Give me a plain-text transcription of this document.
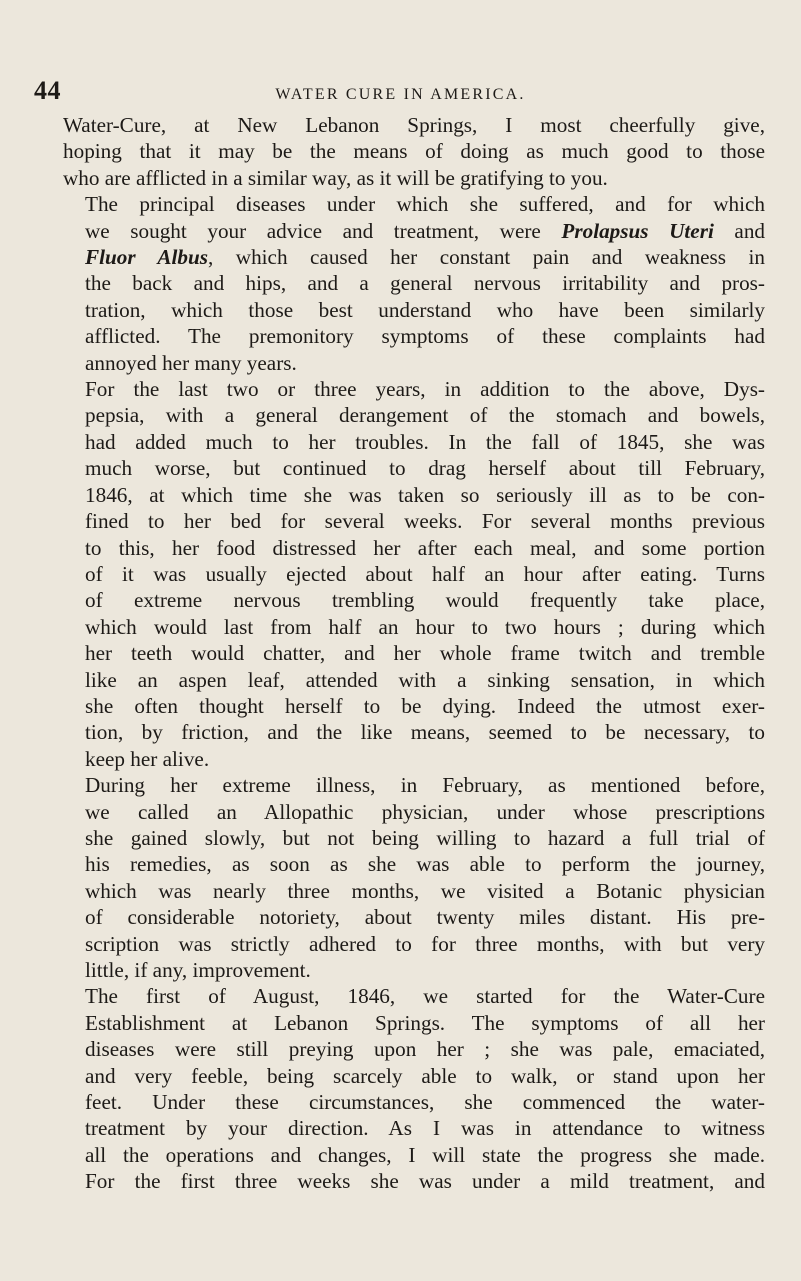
44	WATER CURE IN AMERICA.

Water-Cure, at New Lebanon Springs, I most cheerfully give,
hoping that it may be the means of doing as much good to those
who are afflicted in a similar way, as it will be gratifying to you.

The principal diseases under which she suffered, and for which
we sought your advice and treatment, were Prolapsus Uteri and
Fluor Albus, which caused her constant pain and weakness in
the back and hips, and a general nervous irritability and pros-
tration, which those best understand who have been similarly
afflicted. The premonitory symptoms of these complaints had
annoyed her many years.

For the last two or three years, in addition to the above, Dys-
pepsia, with a general derangement of the stomach and bowels,
had added much to her troubles. In the fall of 1845, she was
much worse, but continued to drag herself about till February,
1846, at which time she was taken so seriously ill as to be con-
fined to her bed for several weeks. For several months previous
to this, her food distressed her after each meal, and some portion
of it was usually ejected about half an hour after eating. Turns
of extreme nervous trembling would frequently take place,
which would last from half an hour to two hours ; during which
her teeth would chatter, and her whole frame twitch and tremble
like an aspen leaf, attended with a sinking sensation, in which
she often thought herself to be dying. Indeed the utmost exer-
tion, by friction, and the like means, seemed to be necessary, to
keep her alive.

During her extreme illness, in February, as mentioned before,
we called an Allopathic physician, under whose prescriptions
she gained slowly, but not being willing to hazard a full trial of
his remedies, as soon as she was able to perform the journey,
which was nearly three months, we visited a Botanic physician
of considerable notoriety, about twenty miles distant. His pre-
scription was strictly adhered to for three months, with but very
little, if any, improvement.

The first of August, 1846, we started for the Water-Cure
Establishment at Lebanon Springs. The symptoms of all her
diseases were still preying upon her ; she was pale, emaciated,
and very feeble, being scarcely able to walk, or stand upon her
feet. Under these circumstances, she commenced the water-
treatment by your direction. As I was in attendance to witness
all the operations and changes, I will state the progress she made.
For the first three weeks she was under a mild treatment, and
